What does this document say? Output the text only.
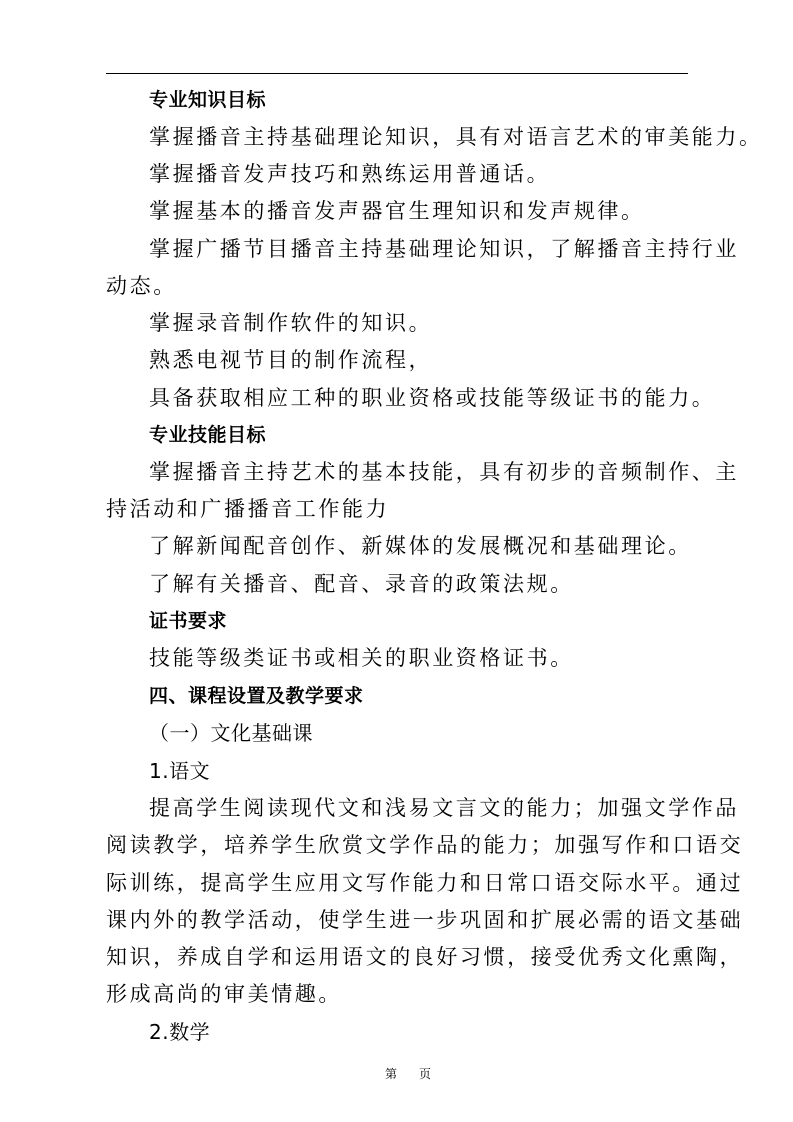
专业知识目标
掌握播音主持基础理论知识，具有对语言艺术的审美能力。
掌握播音发声技巧和熟练运用普通话。
掌握基本的播音发声器官生理知识和发声规律。
掌握广播节目播音主持基础理论知识，了解播音主持行业
动态。
掌握录音制作软件的知识。
熟悉电视节目的制作流程，
具备获取相应工种的职业资格或技能等级证书的能力。
专业技能目标
掌握播音主持艺术的基本技能，具有初步的音频制作、主
持活动和广播播音工作能力
了解新闻配音创作、新媒体的发展概况和基础理论。
了解有关播音、配音、录音的政策法规。
证书要求
技能等级类证书或相关的职业资格证书。
四、课程设置及教学要求
（一）文化基础课
1.语文
提高学生阅读现代文和浅易文言文的能力；加强文学作品
阅读教学，培养学生欣赏文学作品的能力；加强写作和口语交
际训练，提高学生应用文写作能力和日常口语交际水平。通过
课内外的教学活动，使学生进一步巩固和扩展必需的语文基础
知识，养成自学和运用语文的良好习惯，接受优秀文化熏陶，
形成高尚的审美情趣。
2.数学
第 页
